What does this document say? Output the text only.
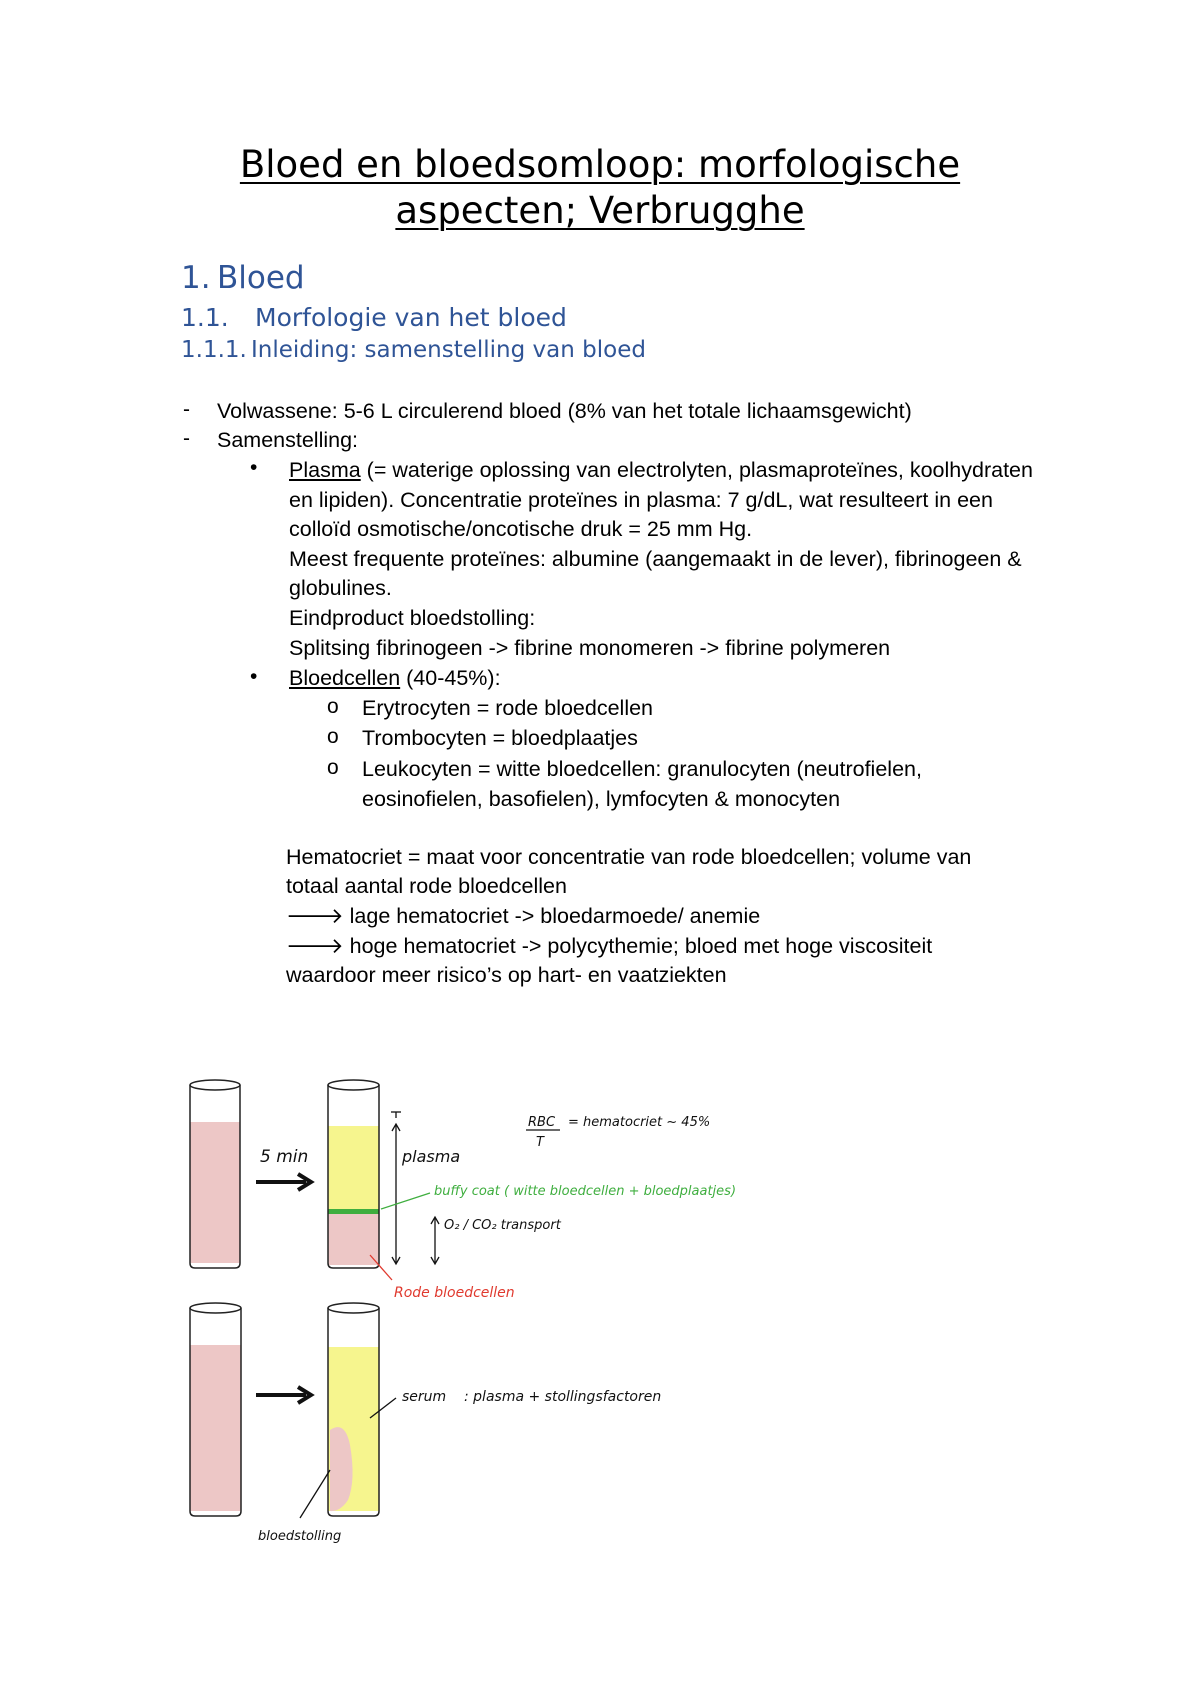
Bloed en bloedsomloop: morfologische
aspecten; Verbrugghe
1. Bloed
1.1. Morfologie van het bloed
1.1.1. Inleiding: samenstelling van bloed
- Volwassene: 5-6 L circulerend bloed (8% van het totale lichaamsgewicht)
- Samenstelling:
• Plasma (= waterige oplossing van electrolyten, plasmaproteïnes, koolhydraten
en lipiden). Concentratie proteïnes in plasma: 7 g/dL, wat resulteert in een
colloïd osmotische/oncotische druk = 25 mm Hg.
Meest frequente proteïnes: albumine (aangemaakt in de lever), fibrinogeen &
globulines.
Eindproduct bloedstolling:
Splitsing fibrinogeen -> fibrine monomeren -> fibrine polymeren
• Bloedcellen (40-45%):
o Erytrocyten = rode bloedcellen
o Trombocyten = bloedplaatjes
o Leukocyten = witte bloedcellen: granulocyten (neutrofielen,
eosinofielen, basofielen), lymfocyten & monocyten
Hematocriet = maat voor concentratie van rode bloedcellen; volume van
totaal aantal rode bloedcellen
🡒 lage hematocriet -> bloedarmoede/ anemie
🡒 hoge hematocriet -> polycythemie; bloed met hoge viscositeit
waardoor meer risico’s op hart- en vaatziekten
5 min	plasma
buffy coat ( witte bloedcellen + bloedplaatjes)
O₂ / CO₂ transport
Rode bloedcellen
RBC
T
= hematocriet ~ 45%
serum : plasma + stollingsfactoren
bloedstolling
